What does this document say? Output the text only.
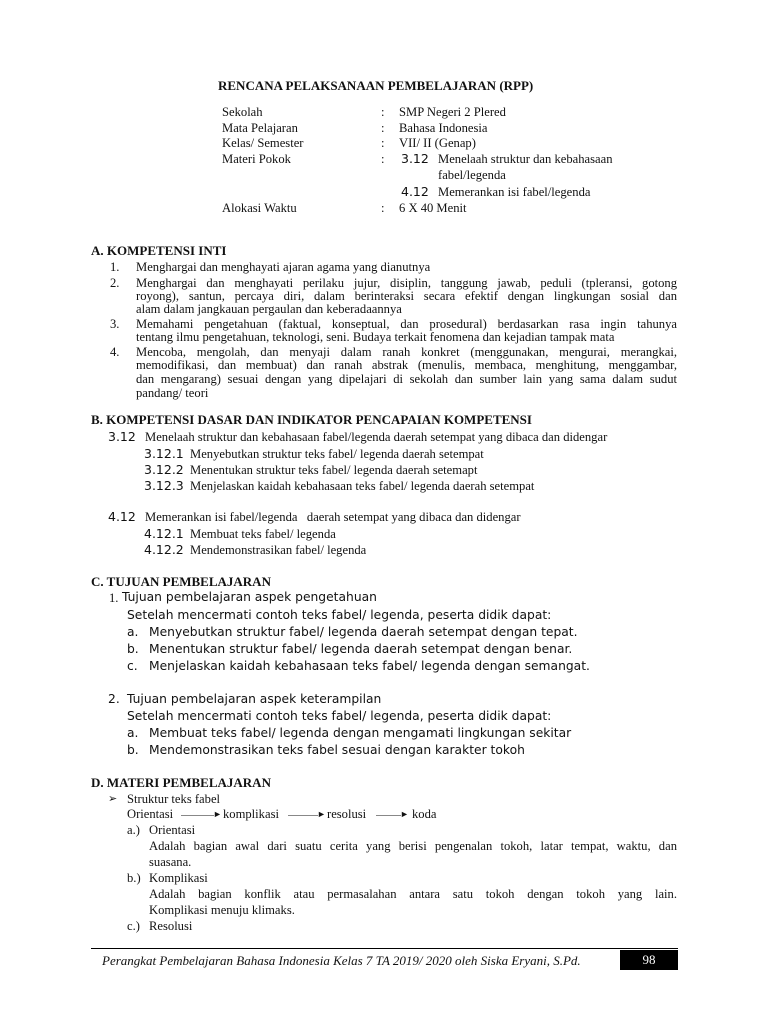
RENCANA PELAKSANAAN PEMBELAJARAN (RPP)
Sekolah	: SMP Negeri 2 Plered
Mata Pelajaran	: Bahasa Indonesia
Kelas/ Semester	: VII/ II (Genap)
Materi Pokok	: 3.12 Menelaah struktur dan kebahasaan
fabel/legenda
4.12 Memerankan isi fabel/legenda
Alokasi Waktu	: 6 X 40 Menit
A. KOMPETENSI INTI
1. Menghargai dan menghayati ajaran agama yang dianutnya
2. Menghargai dan menghayati perilaku jujur, disiplin, tanggung jawab, peduli (tpleransi, gotong
royong), santun, percaya diri, dalam berinteraksi secara efektif dengan lingkungan sosial dan
alam dalam jangkauan pergaulan dan keberadaannya
3. Memahami pengetahuan (faktual, konseptual, dan prosedural) berdasarkan rasa ingin tahunya
tentang ilmu pengetahuan, teknologi, seni. Budaya terkait fenomena dan kejadian tampak mata
4. Mencoba, mengolah, dan menyaji dalam ranah konkret (menggunakan, mengurai, merangkai,
memodifikasi, dan membuat) dan ranah abstrak (menulis, membaca, menghitung, menggambar,
dan mengarang) sesuai dengan yang dipelajari di sekolah dan sumber lain yang sama dalam sudut
pandang/ teori
B. KOMPETENSI DASAR DAN INDIKATOR PENCAPAIAN KOMPETENSI
3.12 Menelaah struktur dan kebahasaan fabel/legenda daerah setempat yang dibaca dan didengar
3.12.1 Menyebutkan struktur teks fabel/ legenda daerah setempat
3.12.2 Menentukan struktur teks fabel/ legenda daerah setemapt
3.12.3 Menjelaskan kaidah kebahasaan teks fabel/ legenda daerah setempat
4.12 Memerankan isi fabel/legenda   daerah setempat yang dibaca dan didengar
4.12.1 Membuat teks fabel/ legenda
4.12.2 Mendemonstrasikan fabel/ legenda
C. TUJUAN PEMBELAJARAN
1. Tujuan pembelajaran aspek pengetahuan
Setelah mencermati contoh teks fabel/ legenda, peserta didik dapat:
a. Menyebutkan struktur fabel/ legenda daerah setempat dengan tepat.
b. Menentukan struktur fabel/ legenda daerah setempat dengan benar.
c. Menjelaskan kaidah kebahasaan teks fabel/ legenda dengan semangat.
2. Tujuan pembelajaran aspek keterampilan
Setelah mencermati contoh teks fabel/ legenda, peserta didik dapat:
a. Membuat teks fabel/ legenda dengan mengamati lingkungan sekitar
b. Mendemonstrasikan teks fabel sesuai dengan karakter tokoh
D. MATERI PEMBELAJARAN
➢ Struktur teks fabel
Orientasi	► komplikasi	► resolusi	► koda
a.) Orientasi
Adalah bagian awal dari suatu cerita yang berisi pengenalan tokoh, latar tempat, waktu, dan
suasana.
b.) Komplikasi
Adalah bagian konflik atau permasalahan antara satu tokoh dengan tokoh yang lain.
Komplikasi menuju klimaks.
c.) Resolusi
Perangkat Pembelajaran Bahasa Indonesia Kelas 7 TA 2019/ 2020 oleh Siska Eryani, S.Pd.	98
